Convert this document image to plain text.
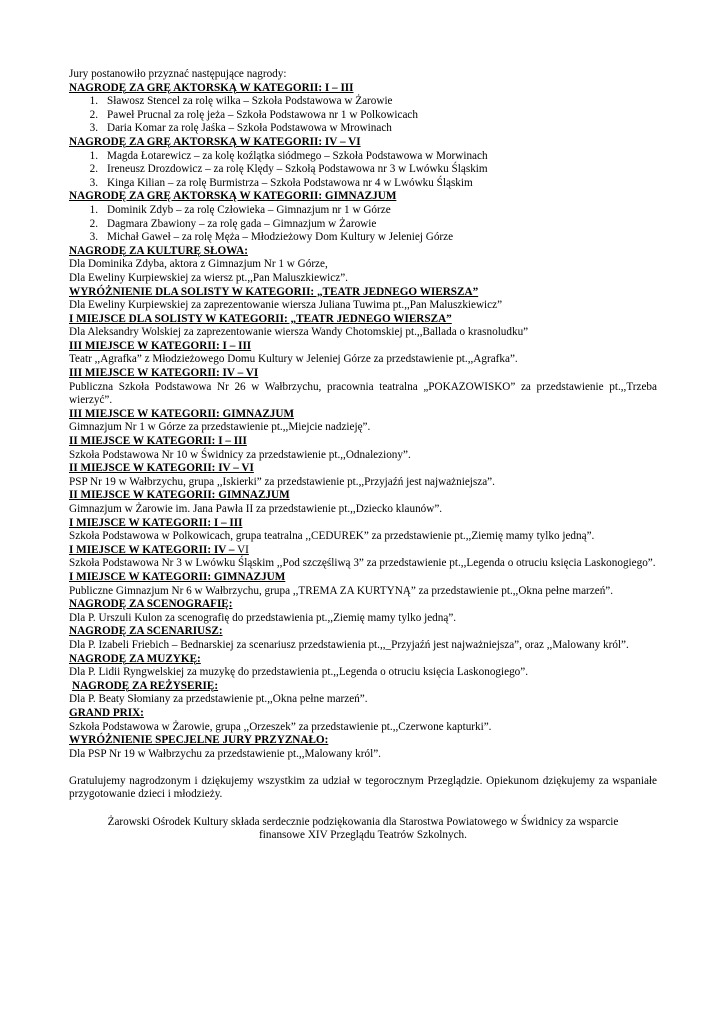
Jury postanowiło przyznać następujące nagrody:
NAGRODĘ ZA GRĘ AKTORSKĄ W KATEGORII: I – III
1. Sławosz Stencel za rolę wilka – Szkoła Podstawowa w Żarowie
2. Paweł Prucnal za rolę jeża – Szkoła Podstawowa nr 1 w Polkowicach
3. Daria Komar za rolę Jaśka – Szkoła Podstawowa w Mrowinach
NAGRODĘ ZA GRĘ AKTORSKĄ W KATEGORII: IV – VI
1. Magda Łotarewicz – za kolę koźlątka siódmego – Szkoła Podstawowa w Morwinach
2. Ireneusz Drozdowicz – za rolę Klędy – Szkołą Podstawowa nr 3 w Lwówku Śląskim
3. Kinga Kilian – za rolę Burmistrza – Szkoła Podstawowa nr 4 w Lwówku Śląskim
NAGRODĘ ZA GRĘ AKTORSKĄ W KATEGORII: GIMNAZJUM
1. Dominik Zdyb – za rolę Człowieka – Gimnazjum nr 1 w Górze
2. Dagmara Zbawiony – za rolę gada – Gimnazjum w Żarowie
3. Michał Gaweł – za rolę Męża – Młodzieżowy Dom Kultury w Jeleniej Górze
NAGRODĘ ZA KULTURĘ SŁOWA:
Dla Dominika Zdyba, aktora z Gimnazjum Nr 1 w Górze,
Dla Eweliny Kurpiewskiej za wiersz pt.,,Pan Maluszkiewicz”.
WYRÓŻNIENIE DLA SOLISTY W KATEGORII: „TEATR JEDNEGO WIERSZA”
Dla Eweliny Kurpiewskiej za zaprezentowanie wiersza Juliana Tuwima pt.,,Pan Maluszkiewicz”
I MIEJSCE DLA SOLISTY W KATEGORII: „TEATR JEDNEGO WIERSZA”
Dla Aleksandry Wolskiej za zaprezentowanie wiersza Wandy Chotomskiej pt.,,Ballada o krasnoludku”
III MIEJSCE W KATEGORII: I – III
Teatr ,,Agrafka” z Młodzieżowego Domu Kultury w Jeleniej Górze za przedstawienie pt.,,Agrafka”.
III MIEJSCE W KATEGORII: IV – VI
Publiczna Szkoła Podstawowa Nr 26 w Wałbrzychu, pracownia teatralna „POKAZOWISKO” za przedstawienie pt.,,Trzeba wierzyć”.
III MIEJSCE W KATEGORII: GIMNAZJUM
Gimnazjum Nr 1 w Górze za przedstawienie pt.,,Miejcie nadzieję”.
II MIEJSCE W KATEGORII: I – III
Szkoła Podstawowa Nr 10 w Świdnicy za przedstawienie pt.,,Odnaleziony”.
II MIEJSCE W KATEGORII: IV – VI
PSP Nr 19 w Wałbrzychu, grupa ,,Iskierki” za przedstawienie pt.,,Przyjaźń jest najważniejsza”.
II MIEJSCE W KATEGORII: GIMNAZJUM
Gimnazjum w Żarowie im. Jana Pawła II za przedstawienie pt.,,Dziecko klaunów”.
I MIEJSCE W KATEGORII: I – III
Szkoła Podstawowa w Polkowicach, grupa teatralna ,,CEDUREK” za przedstawienie pt.,,Ziemię mamy tylko jedną”.
I MIEJSCE W KATEGORII: IV – VI
Szkoła Podstawowa Nr 3 w Lwówku Śląskim ,,Pod szczęśliwą 3” za przedstawienie pt.,,Legenda o otruciu księcia Laskonogiego”.
I MIEJSCE W KATEGORII: GIMNAZJUM
Publiczne Gimnazjum Nr 6 w Wałbrzychu, grupa ,,TREMA ZA KURTYNĄ” za przedstawienie pt.,,Okna pełne marzeń”.
NAGRODĘ ZA SCENOGRAFIĘ:
Dla P. Urszuli Kulon za scenografię do przedstawienia pt.,,Ziemię mamy tylko jedną”.
NAGRODĘ ZA SCENARIUSZ:
Dla P. Izabeli Friebich – Bednarskiej za scenariusz przedstawienia pt.,,_Przyjaźń jest najważniejsza”, oraz ,,Malowany król”.
NAGRODĘ ZA MUZYKĘ:
Dla P. Lidii Ryngwelskiej za muzykę do przedstawienia pt.,,Legenda o otruciu księcia Laskonogiego”.
NAGRODĘ ZA REŻYSERIĘ:
Dla P. Beaty Słomiany za przedstawienie pt.,,Okna pełne marzeń”.
GRAND PRIX:
Szkoła Podstawowa w Żarowie, grupa ,,Orzeszek” za przedstawienie pt.,,Czerwone kapturki”.
WYRÓŻNIENIE SPECJELNE JURY PRZYZNAŁO:
Dla PSP Nr 19 w Wałbrzychu za przedstawienie pt.,,Malowany król”.
Gratulujemy nagrodzonym i dziękujemy wszystkim za udział w tegorocznym Przeglądzie. Opiekunom dziękujemy za wspaniałe przygotowanie dzieci i młodzieży.
Żarowski Ośrodek Kultury składa serdecznie podziękowania dla Starostwa Powiatowego w Świdnicy za wsparcie
finansowe XIV Przeglądu Teatrów Szkolnych.
